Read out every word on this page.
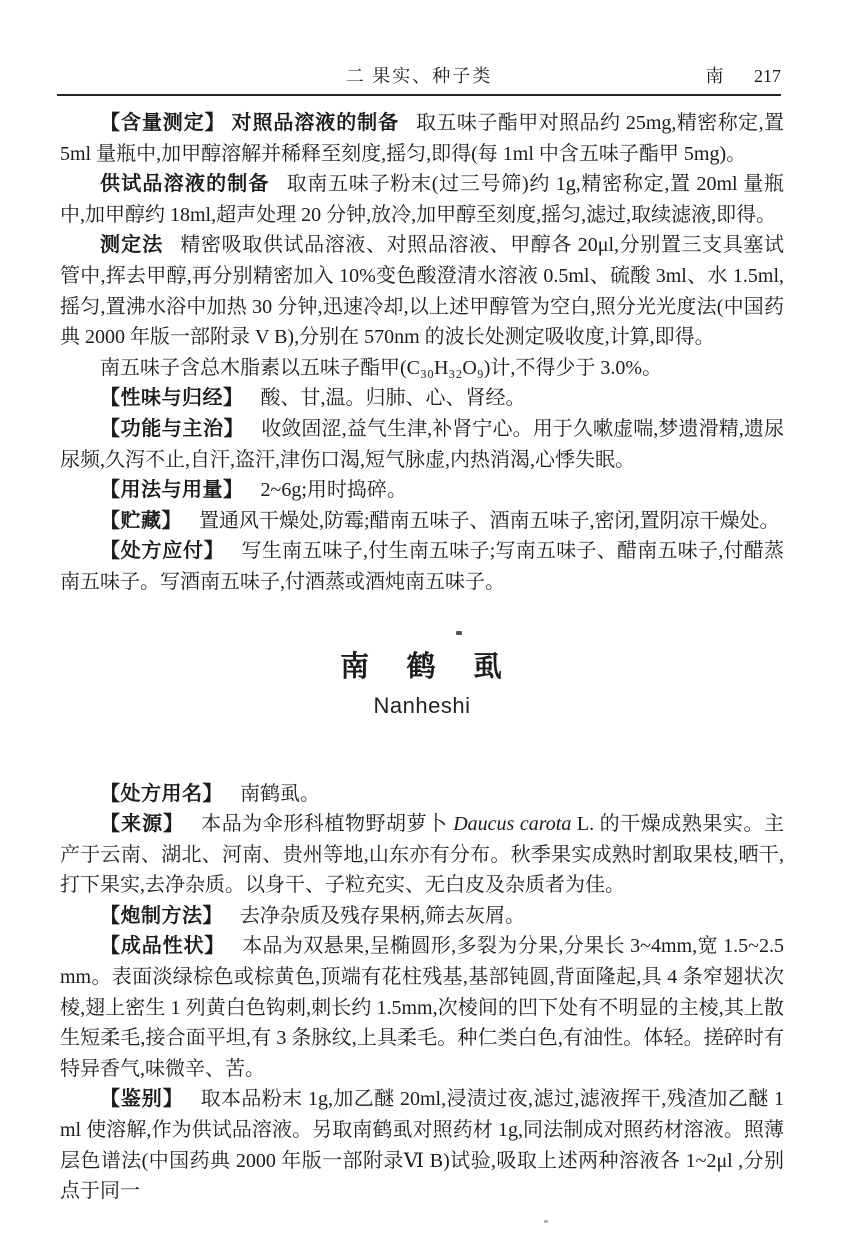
二 果实、种子类	南 217

【含量测定】 对照品溶液的制备 取五味子酯甲对照品约 25mg,精密称定,置 5ml 量瓶中,加甲醇溶解并稀释至刻度,摇匀,即得(每 1ml 中含五味子酯甲 5mg)。

供试品溶液的制备 取南五味子粉末(过三号筛)约 1g,精密称定,置 20ml 量瓶中,加甲醇约 18ml,超声处理 20 分钟,放冷,加甲醇至刻度,摇匀,滤过,取续滤液,即得。

测定法 精密吸取供试品溶液、对照品溶液、甲醇各 20μl,分别置三支具塞试管中,挥去甲醇,再分别精密加入 10%变色酸澄清水溶液 0.5ml、硫酸 3ml、水 1.5ml,摇匀,置沸水浴中加热 30 分钟,迅速冷却,以上述甲醇管为空白,照分光光度法(中国药典 2000 年版一部附录 V B),分别在 570nm 的波长处测定吸收度,计算,即得。

南五味子含总木脂素以五味子酯甲(C₃₀H₃₂O₉)计,不得少于 3.0%。

【性味与归经】 酸、甘,温。归肺、心、肾经。

【功能与主治】 收敛固涩,益气生津,补肾宁心。用于久嗽虚喘,梦遗滑精,遗尿尿频,久泻不止,自汗,盗汗,津伤口渴,短气脉虚,内热消渴,心悸失眠。

【用法与用量】 2~6g;用时捣碎。

【贮藏】 置通风干燥处,防霉;醋南五味子、酒南五味子,密闭,置阴凉干燥处。

【处方应付】 写生南五味子,付生南五味子;写南五味子、醋南五味子,付醋蒸南五味子。写酒南五味子,付酒蒸或酒炖南五味子。

南 鹤 虱
Nanheshi

【处方用名】 南鹤虱。

【来源】 本品为伞形科植物野胡萝卜 Daucus carota L. 的干燥成熟果实。主产于云南、湖北、河南、贵州等地,山东亦有分布。秋季果实成熟时割取果枝,晒干,打下果实,去净杂质。以身干、子粒充实、无白皮及杂质者为佳。

【炮制方法】 去净杂质及残存果柄,筛去灰屑。

【成品性状】 本品为双悬果,呈椭圆形,多裂为分果,分果长 3~4mm,宽 1.5~2.5mm。表面淡绿棕色或棕黄色,顶端有花柱残基,基部钝圆,背面隆起,具 4 条窄翅状次棱,翅上密生 1 列黄白色钩刺,刺长约 1.5mm,次棱间的凹下处有不明显的主棱,其上散生短柔毛,接合面平坦,有 3 条脉纹,上具柔毛。种仁类白色,有油性。体轻。搓碎时有特异香气,味微辛、苦。

【鉴别】 取本品粉末 1g,加乙醚 20ml,浸渍过夜,滤过,滤液挥干,残渣加乙醚 1ml 使溶解,作为供试品溶液。另取南鹤虱对照药材 1g,同法制成对照药材溶液。照薄层色谱法(中国药典 2000 年版一部附录Ⅵ B)试验,吸取上述两种溶液各 1~2μl ,分别点于同一
